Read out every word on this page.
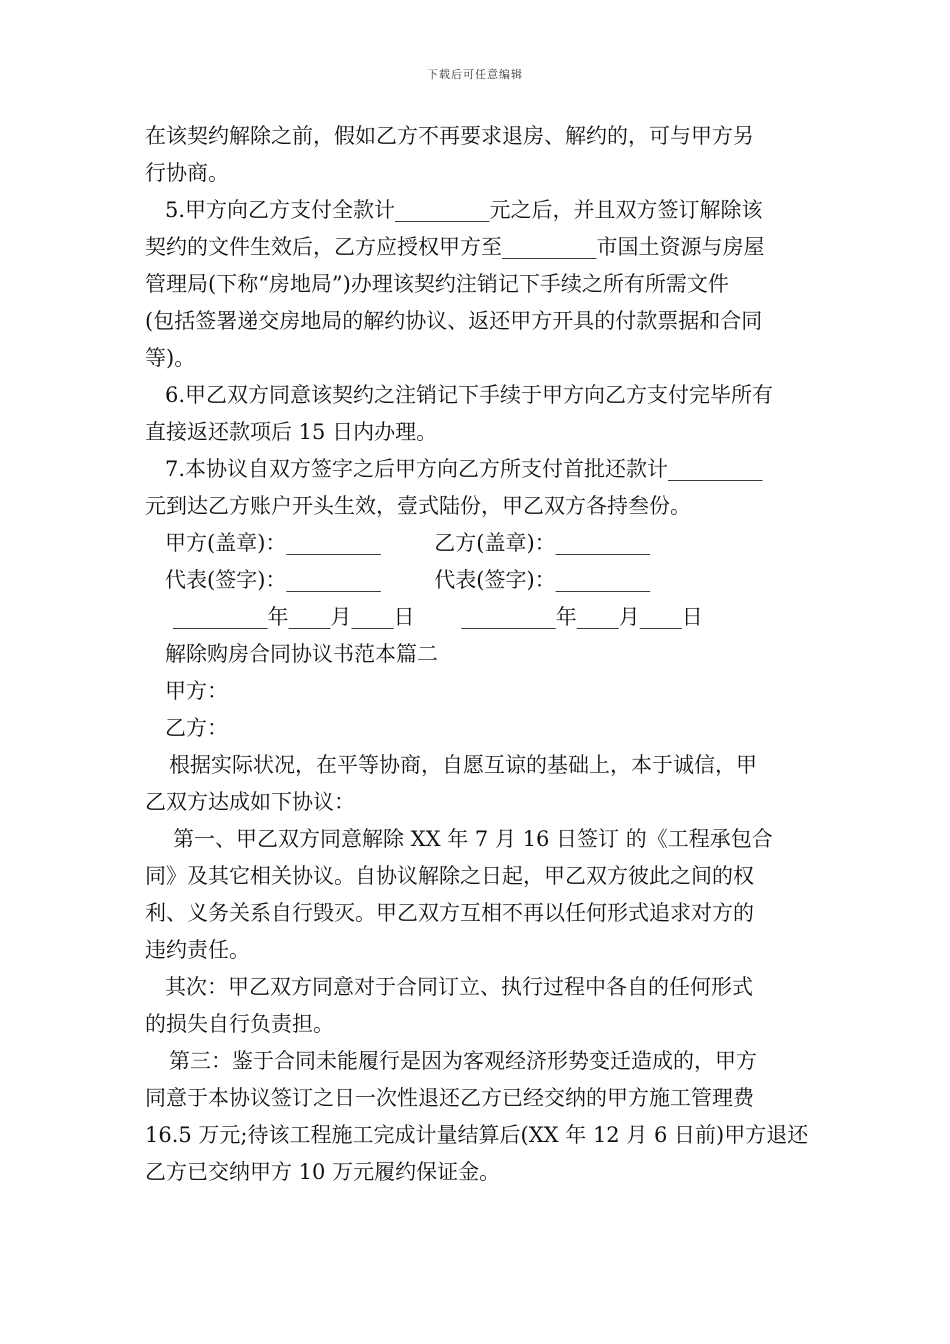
下载后可任意编辑
在该契约解除之前，假如乙方不再要求退房、解约的，可与甲方另
行协商。
5.甲方向乙方支付全款计_________元之后，并且双方签订解除该
契约的文件生效后，乙方应授权甲方至_________市国土资源与房屋
管理局(下称“房地局”)办理该契约注销记下手续之所有所需文件
(包括签署递交房地局的解约协议、返还甲方开具的付款票据和合同
等)。
6.甲乙双方同意该契约之注销记下手续于甲方向乙方支付完毕所有
直接返还款项后 15 日内办理。
7.本协议自双方签字之后甲方向乙方所支付首批还款计_________
元到达乙方账户开头生效，壹式陆份，甲乙双方各持叁份。
甲方(盖章)：_________        乙方(盖章)：_________
代表(签字)：_________        代表(签字)：_________
_________年____月____日       _________年____月____日
解除购房合同协议书范本篇二
甲方：
乙方：
根据实际状况，在平等协商，自愿互谅的基础上，本于诚信，甲
乙双方达成如下协议：
第一、甲乙双方同意解除 XX 年 7 月 16 日签订 的《工程承包合
同》及其它相关协议。自协议解除之日起，甲乙双方彼此之间的权
利、义务关系自行毁灭。甲乙双方互相不再以任何形式追求对方的
违约责任。
其次：甲乙双方同意对于合同订立、执行过程中各自的任何形式
的损失自行负责担。
第三：鉴于合同未能履行是因为客观经济形势变迁造成的，甲方
同意于本协议签订之日一次性退还乙方已经交纳的甲方施工管理费
16.5 万元;待该工程施工完成计量结算后(XX 年 12 月 6 日前)甲方退还
乙方已交纳甲方 10 万元履约保证金。
